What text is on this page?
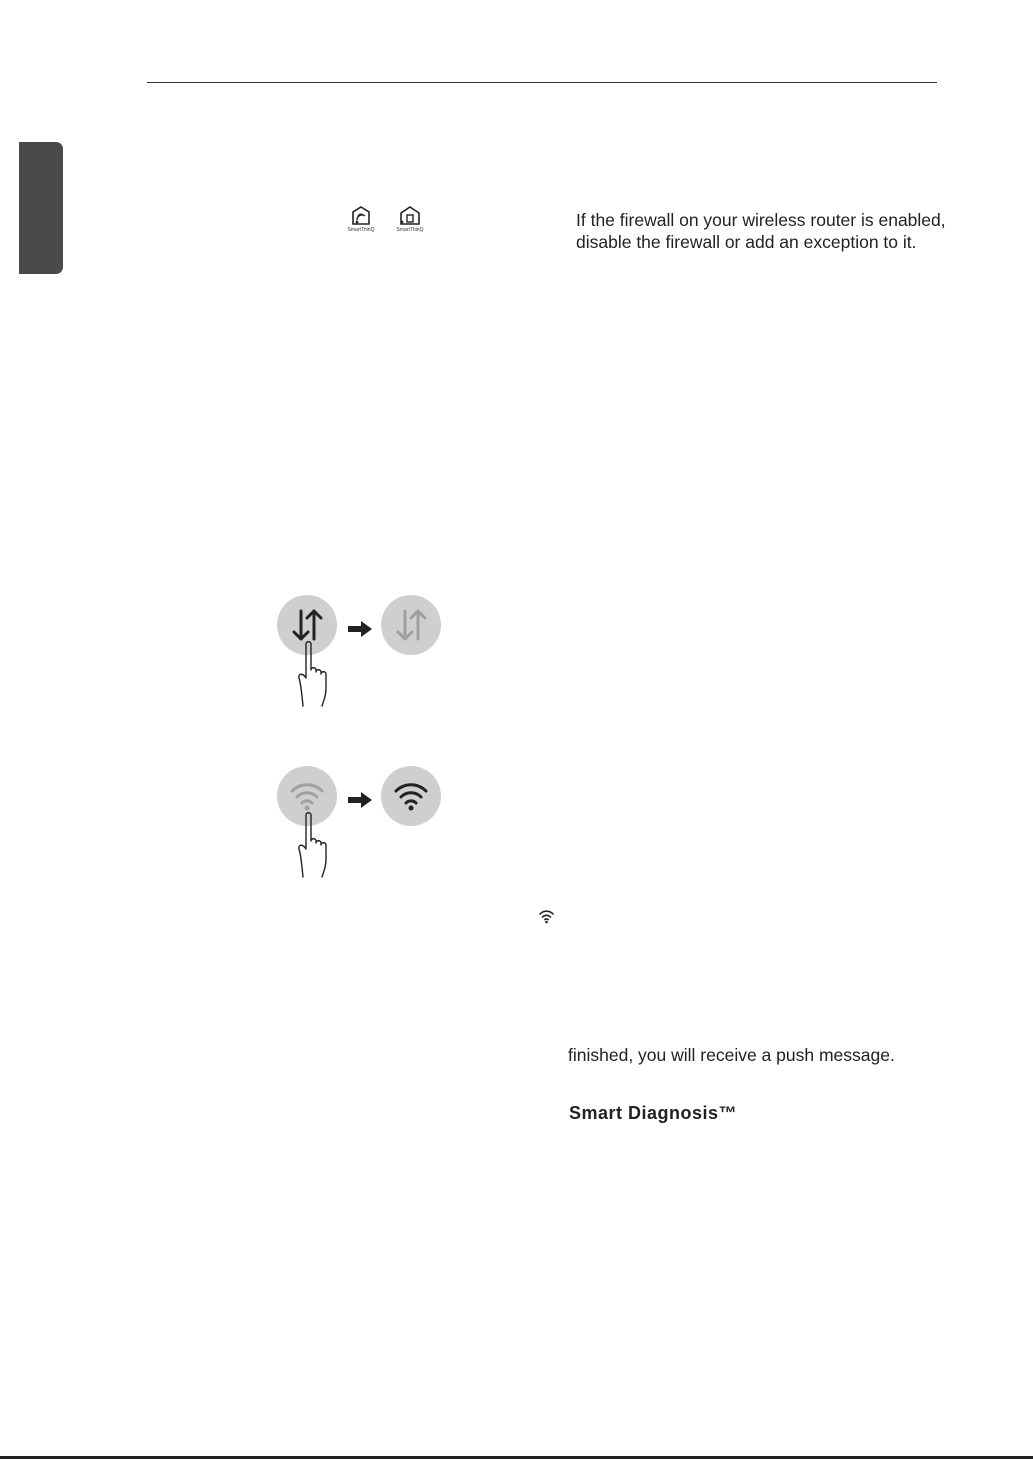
SmartThinQ	SmartThinQ	If the firewall on your wireless router is enabled,
disable the firewall or add an exception to it.
finished, you will receive a push message.
Smart Diagnosis™
